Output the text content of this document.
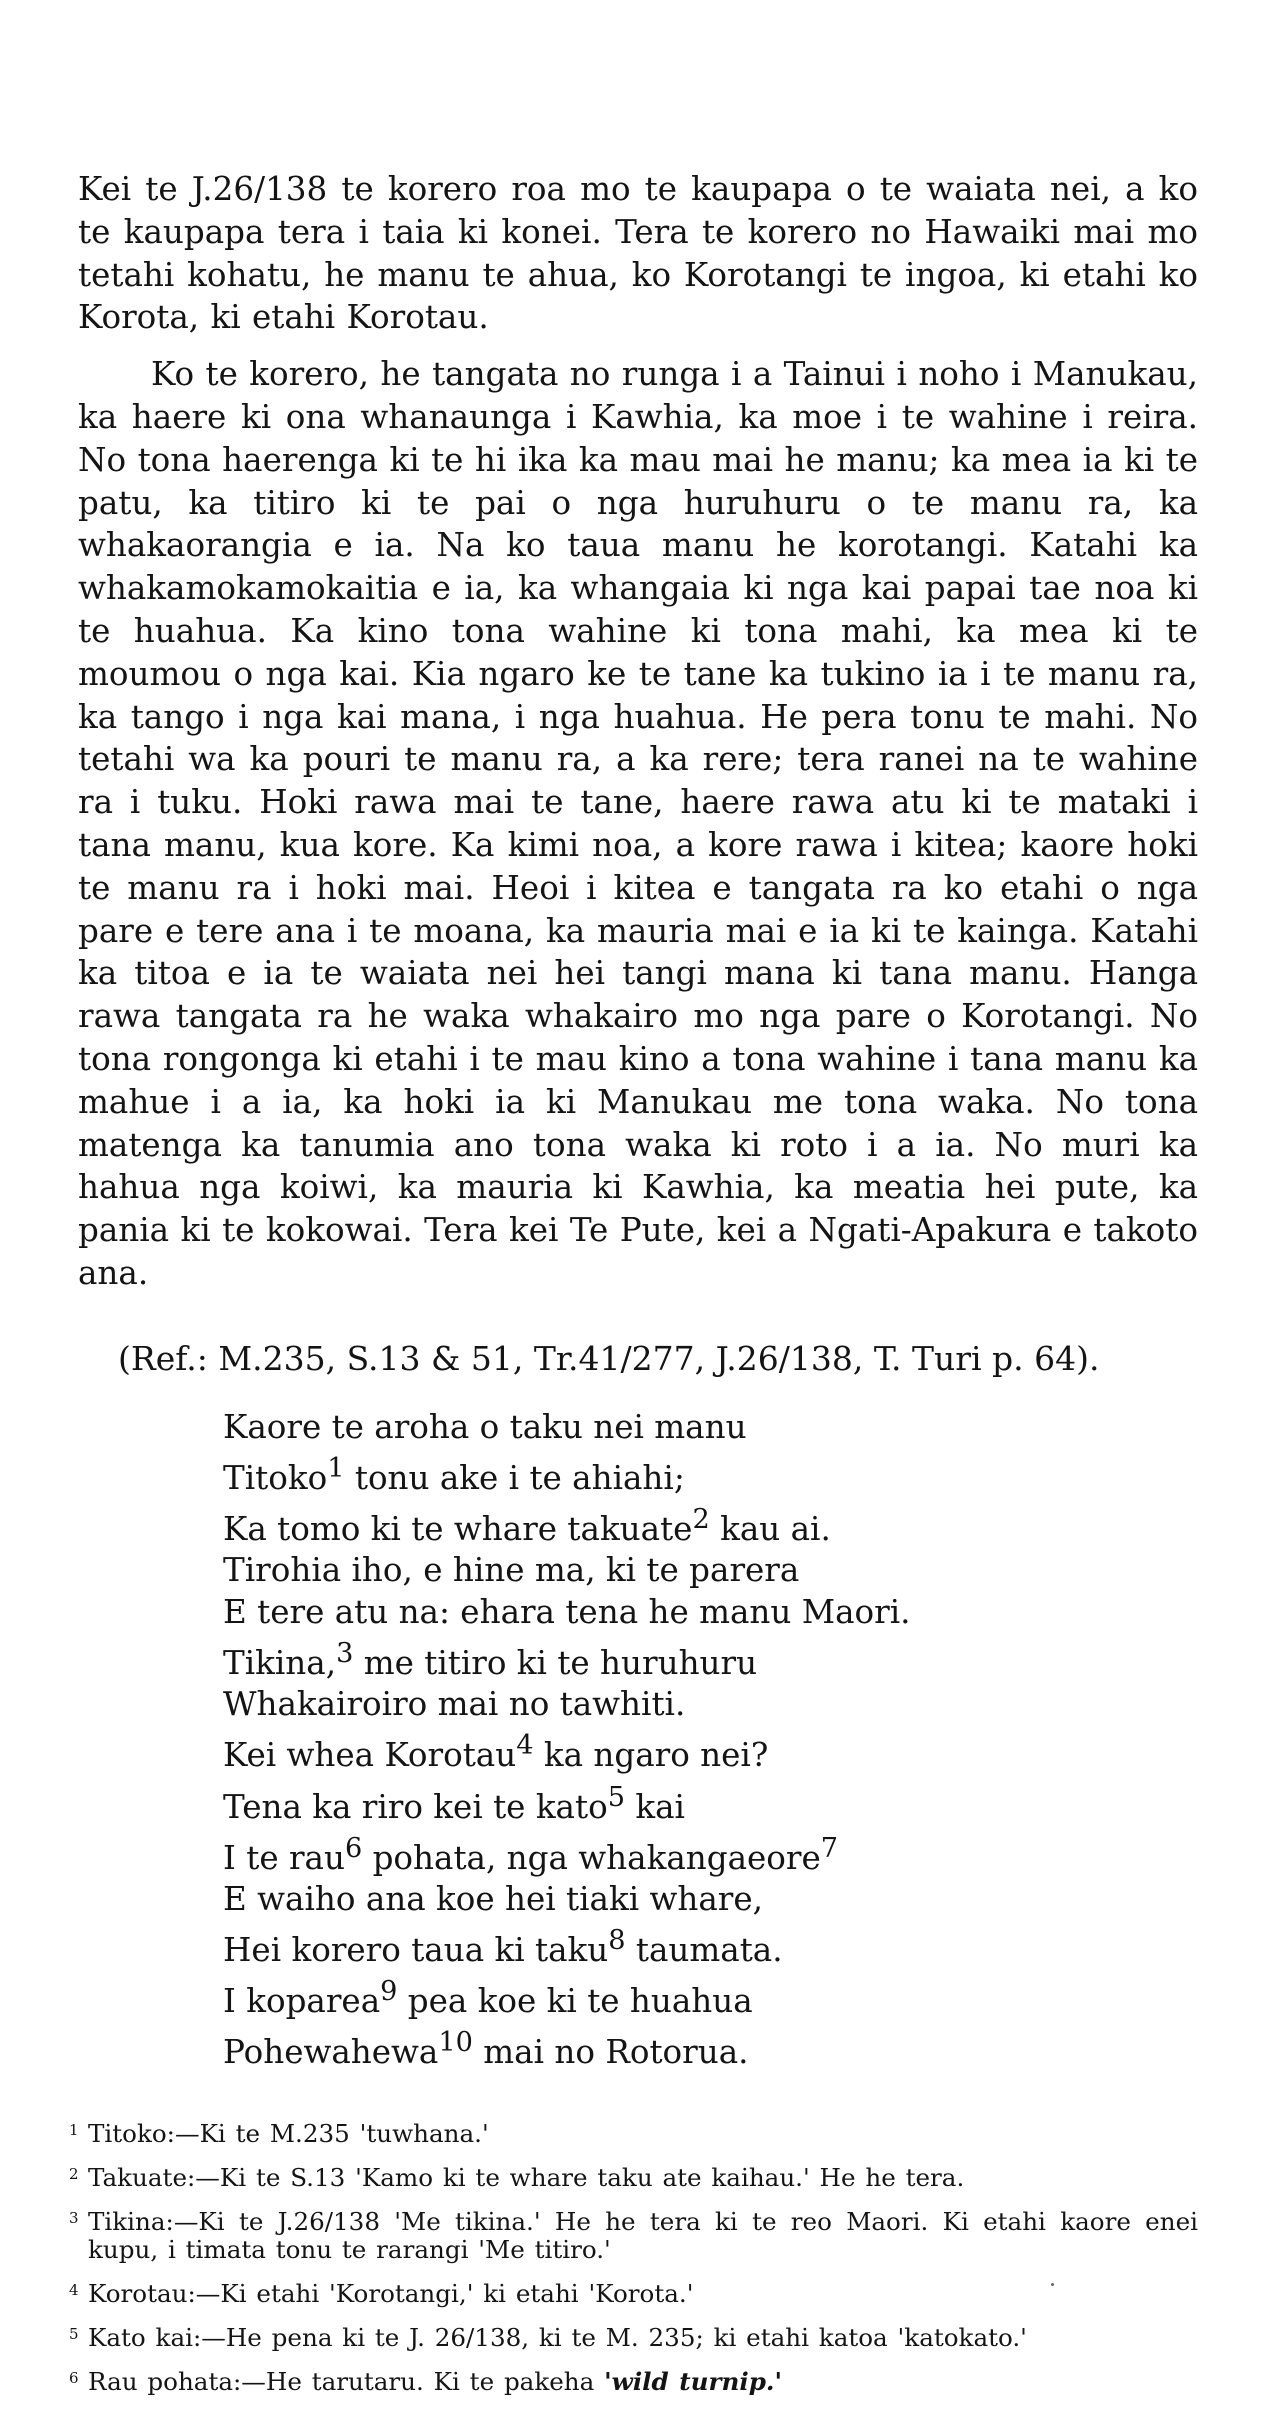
Kei te J.26/138 te korero roa mo te kaupapa o te waiata nei, a ko te kaupapa tera i taia ki konei. Tera te korero no Hawaiki mai mo tetahi kohatu, he manu te ahua, ko Korotangi te ingoa, ki etahi ko Korota, ki etahi Korotau.

Ko te korero, he tangata no runga i a Tainui i noho i Manukau, ka haere ki ona whanaunga i Kawhia, ka moe i te wahine i reira. No tona haerenga ki te hi ika ka mau mai he manu; ka mea ia ki te patu, ka titiro ki te pai o nga huruhuru o te manu ra, ka whakaorangia e ia. Na ko taua manu he korotangi. Katahi ka whakamokamokaitia e ia, ka whangaia ki nga kai papai tae noa ki te huahua. Ka kino tona wahine ki tona mahi, ka mea ki te moumou o nga kai. Kia ngaro ke te tane ka tukino ia i te manu ra, ka tango i nga kai mana, i nga huahua. He pera tonu te mahi. No tetahi wa ka pouri te manu ra, a ka rere; tera ranei na te wahine ra i tuku. Hoki rawa mai te tane, haere rawa atu ki te mataki i tana manu, kua kore. Ka kimi noa, a kore rawa i kitea; kaore hoki te manu ra i hoki mai. Heoi i kitea e tangata ra ko etahi o nga pare e tere ana i te moana, ka mauria mai e ia ki te kainga. Katahi ka titoa e ia te waiata nei hei tangi mana ki tana manu. Hanga rawa tangata ra he waka whakairo mo nga pare o Korotangi. No tona rongonga ki etahi i te mau kino a tona wahine i tana manu ka mahue i a ia, ka hoki ia ki Manukau me tona waka. No tona matenga ka tanumia ano tona waka ki roto i a ia. No muri ka hahua nga koiwi, ka mauria ki Kawhia, ka meatia hei pute, ka pania ki te kokowai. Tera kei Te Pute, kei a Ngati-Apakura e takoto ana.

(Ref.: M.235, S.13 & 51, Tr.41/277, J.26/138, T. Turi p. 64).
Kaore te aroha o taku nei manu
Titoko$^1$ tonu ake i te ahiahi;
Ka tomo ki te whare takuate$^2$ kau ai.
Tirohia iho, e hine ma, ki te parera
E tere atu na: ehara tena he manu Maori.
Tikina,$^3$ me titiro ki te huruhuru
Whakairoiro mai no tawhiti.
Kei whea Korotau$^4$ ka ngaro nei?
Tena ka riro kei te kato$^5$ kai
I te rau$^6$ pohata, nga whakangaeore$^7$
E waiho ana koe hei tiaki whare,
Hei korero taua ki taku$^8$ taumata.
I koparea$^9$ pea koe ki te huahua
Pohewahewa$^{10}$ mai no Rotorua.
1 Titoko:—Ki te M.235 'tuwhana.'
2 Takuate:—Ki te S.13 'Kamo ki te whare taku ate kaihau.' He he tera.
3 Tikina:—Ki te J.26/138 'Me tikina.' He he tera ki te reo Maori. Ki etahi kaore enei kupu, i timata tonu te rarangi 'Me titiro.'
4 Korotau:—Ki etahi 'Korotangi,' ki etahi 'Korota.'
5 Kato kai:—He pena ki te J. 26/138, ki te M. 235; ki etahi katoa 'katokato.'
6 Rau pohata:—He tarutaru. Ki te pakeha 'wild turnip.'
